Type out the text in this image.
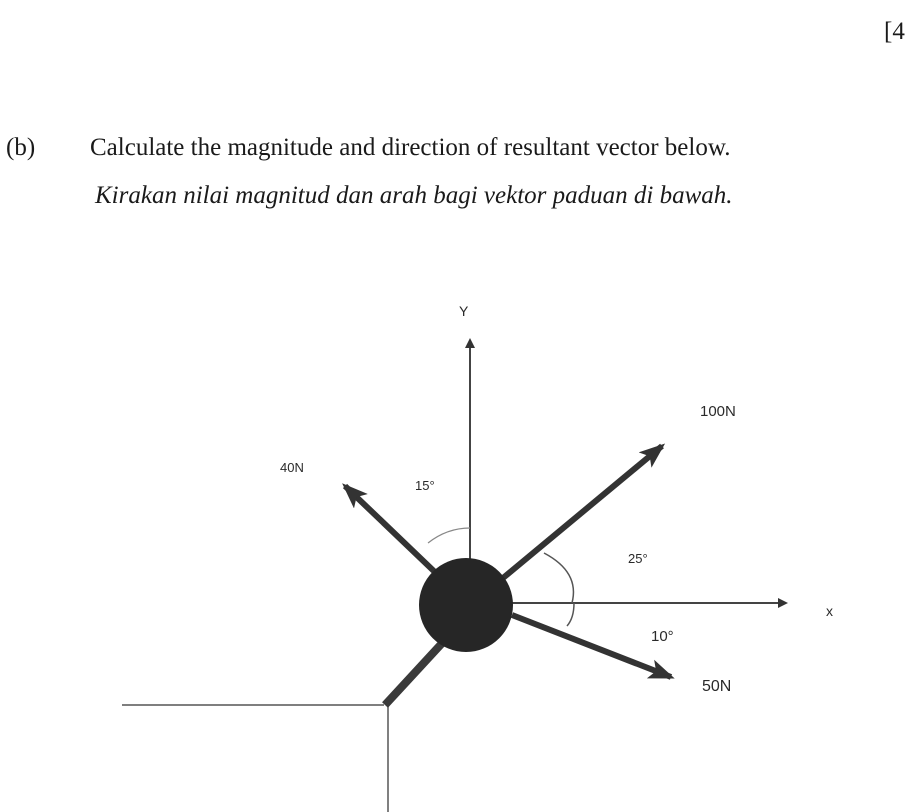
[4
(b) Calculate the magnitude and direction of resultant vector below.
Kirakan nilai magnitud dan arah bagi vektor paduan di bawah.
Y
x
100N
25°
40N
15°
50N
10°
